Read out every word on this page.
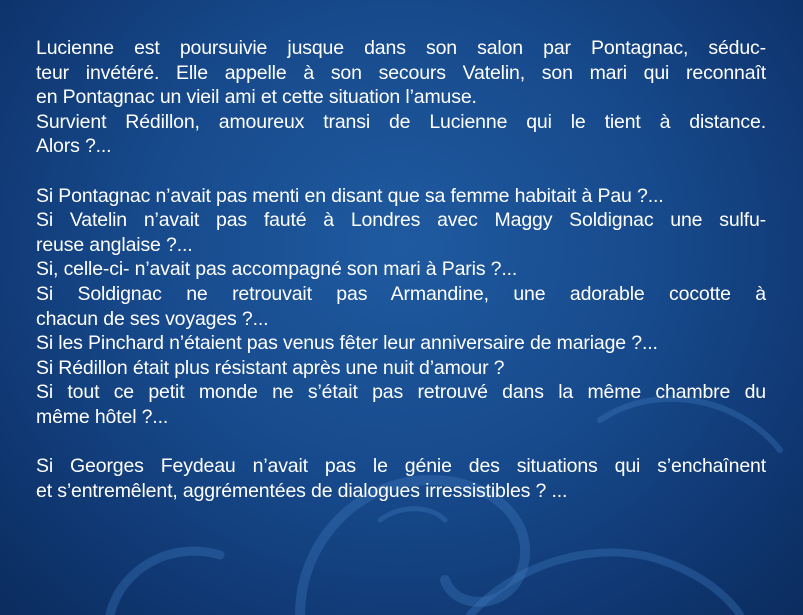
Lucienne est poursuivie jusque dans son salon par Pontagnac, séduc-
teur invétéré. Elle appelle à son secours Vatelin, son mari qui reconnaît
en Pontagnac un vieil ami et cette situation l’amuse.
Survient Rédillon, amoureux transi de Lucienne qui le tient à distance.
Alors ?...

Si Pontagnac n’avait pas menti en disant que sa femme habitait à Pau ?...
Si Vatelin n’avait pas fauté à Londres avec Maggy Soldignac une sulfu-
reuse anglaise ?...
Si, celle-ci- n’avait pas accompagné son mari à Paris ?...
Si Soldignac ne retrouvait pas Armandine, une adorable cocotte à
chacun de ses voyages ?...
Si les Pinchard n’étaient pas venus fêter leur anniversaire de mariage ?...
Si Rédillon était plus résistant après une nuit d’amour ?
Si tout ce petit monde ne s’était pas retrouvé dans la même chambre du
même hôtel ?...

Si Georges Feydeau n’avait pas le génie des situations qui s’enchaînent
et s’entremêlent, aggrémentées de dialogues irressistibles ? ...
